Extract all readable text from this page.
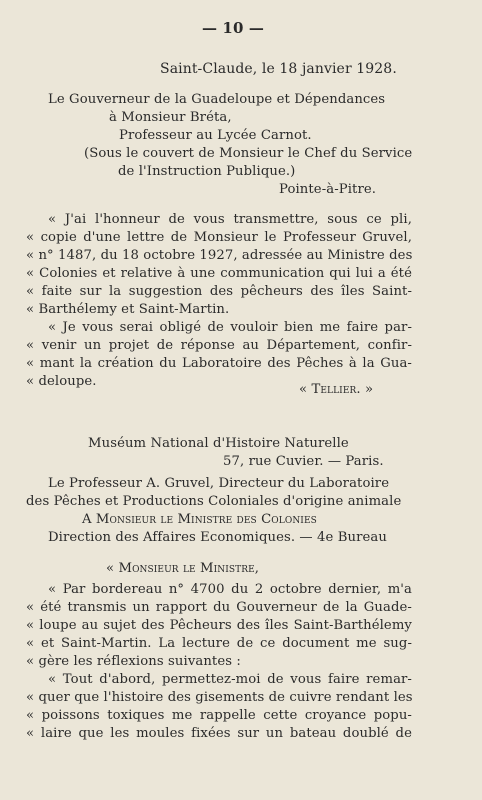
— 10 —
Saint-Claude, le 18 janvier 1928.
Le Gouverneur de la Guadeloupe et Dépendances
à Monsieur Bréta,
Professeur au Lycée Carnot.
(Sous le couvert de Monsieur le Chef du Service
de l'Instruction Publique.)
Pointe-à-Pitre.
« J'ai l'honneur de vous transmettre, sous ce pli,
« copie d'une lettre de Monsieur le Professeur Gruvel,
« n° 1487, du 18 octobre 1927, adressée au Ministre des
« Colonies et relative à une communication qui lui a été
« faite sur la suggestion des pêcheurs des îles Saint-
« Barthélemy et Saint-Martin.
« Je vous serai obligé de vouloir bien me faire par-
« venir un projet de réponse au Département, confir-
« mant la création du Laboratoire des Pêches à la Gua-
« deloupe.
« Tellier. »
Muséum National d'Histoire Naturelle
57, rue Cuvier. — Paris.
Le Professeur A. Gruvel, Directeur du Laboratoire
des Pêches et Productions Coloniales d'origine animale
A Monsieur le Ministre des Colonies
Direction des Affaires Economiques. — 4e Bureau
« Monsieur le Ministre,
« Par bordereau n° 4700 du 2 octobre dernier, m'a
« été transmis un rapport du Gouverneur de la Guade-
« loupe au sujet des Pêcheurs des îles Saint-Barthélemy
« et Saint-Martin. La lecture de ce document me sug-
« gère les réflexions suivantes :
« Tout d'abord, permettez-moi de vous faire remar-
« quer que l'histoire des gisements de cuivre rendant les
« poissons toxiques me rappelle cette croyance popu-
« laire que les moules fixées sur un bateau doublé de
